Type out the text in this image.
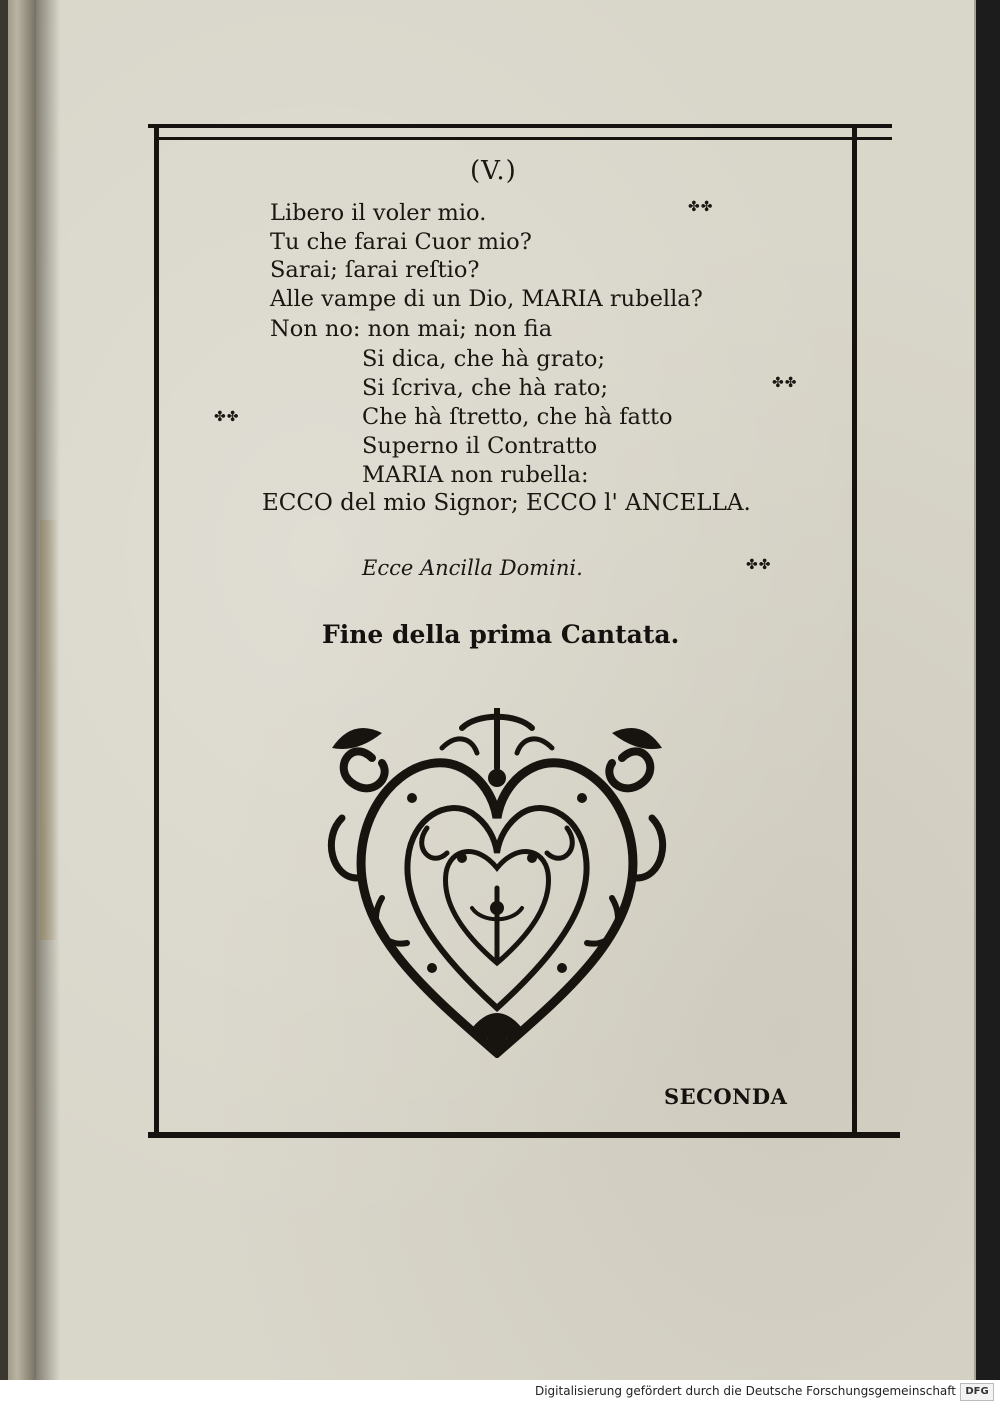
(V.)
Libero il voler mio.
Tu che farai Cuor mio?
Sarai; ſarai reſtio?
Alle vampe di un Dio, MARIA rubella?
Non no: non mai; non fia
Si dica, che hà grato;
Si ſcriva, che hà rato;
Che hà ſtretto, che hà fatto
Superno il Contratto
MARIA non rubella:
ECCO del mio Signor; ECCO l' ANCELLA.
✤✤
✤✤
✤✤
✤✤
Ecce Ancilla Domini.
Fine della prima Cantata.
SECONDA
Digitalisierung gefördert durch die Deutsche Forschungsgemeinschaft DFG
